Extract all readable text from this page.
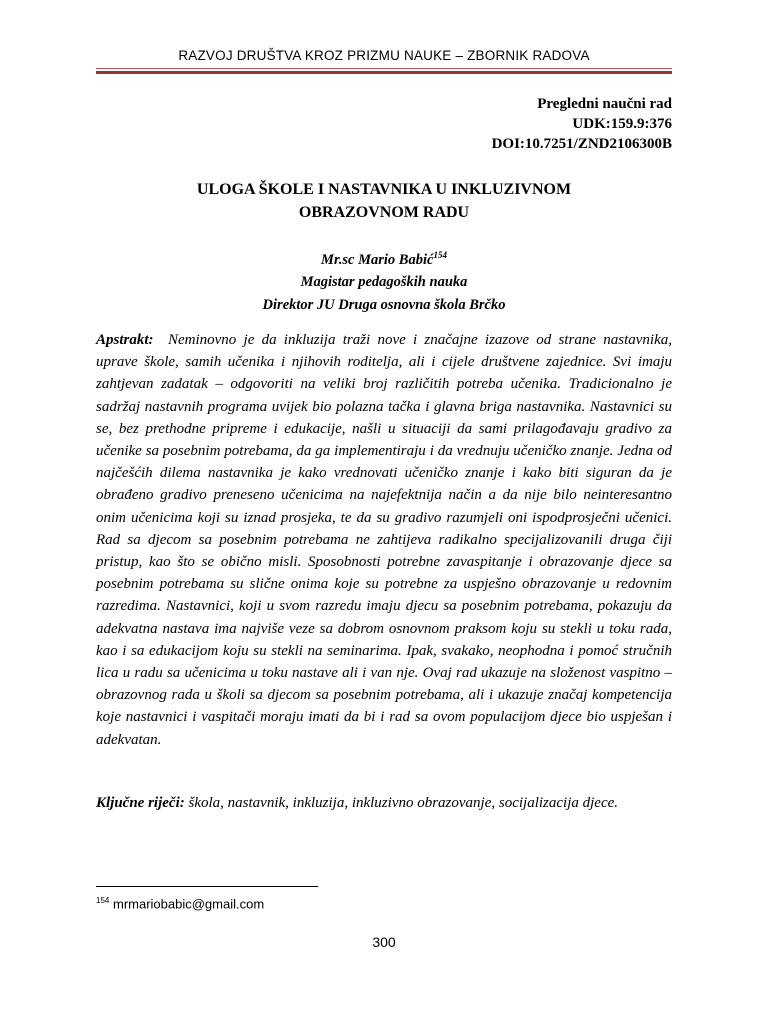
RAZVOJ DRUŠTVA KROZ PRIZMU NAUKE – ZBORNIK RADOVA
Pregledni naučni rad
UDK:159.9:376
DOI:10.7251/ZND2106300B
ULOGA ŠKOLE I NASTAVNIKA U INKLUZIVNOM
OBRAZOVNOM RADU
Mr.sc Mario Babić$^{154}$
Magistar pedagoških nauka
Direktor JU Druga osnovna škola Brčko

Apstrakt: Neminovno je da inkluzija traži nove i značajne izazove od strane nastavnika, uprave škole, samih učenika i njihovih roditelja, ali i cijele društvene zajednice. Svi imaju zahtjevan zadatak – odgovoriti na veliki broj različitih potreba učenika. Tradicionalno je sadržaj nastavnih programa uvijek bio polazna tačka i glavna briga nastavnika. Nastavnici su se, bez prethodne pripreme i edukacije, našli u situaciji da sami prilagođavaju gradivo za učenike sa posebnim potrebama, da ga implementiraju i da vrednuju učeničko znanje. Jedna od najčešćih dilema nastavnika je kako vrednovati učeničko znanje i kako biti siguran da je obrađeno gradivo preneseno učenicima na najefektnija način a da nije bilo neinteresantno onim učenicima koji su iznad prosjeka, te da su gradivo razumjeli oni ispodprosječni učenici. Rad sa djecom sa posebnim potrebama ne zahtijeva radikalno specijalizovanili druga čiji pristup, kao što se obično misli. Sposobnosti potrebne zavaspitanje i obrazovanje djece sa posebnim potrebama su slične onima koje su potrebne za uspješno obrazovanje u redovnim razredima. Nastavnici, koji u svom razredu imaju djecu sa posebnim potrebama, pokazuju da adekvatna nastava ima najviše veze sa dobrom osnovnom praksom koju su stekli u toku rada, kao i sa edukacijom koju su stekli na seminarima. Ipak, svakako, neophodna i pomoć stručnih lica u radu sa učenicima u toku nastave ali i van nje. Ovaj rad ukazuje na složenost vaspitno – obrazovnog rada u školi sa djecom sa posebnim potrebama, ali i ukazuje značaj kompetencija koje nastavnici i vaspitači moraju imati da bi i rad sa ovom populacijom djece bio uspješan i adekvatan.

Ključne riječi: škola, nastavnik, inkluzija, inkluzivno obrazovanje, socijalizacija djece.

$^{154}$ mrmariobabic@gmail.com
300
